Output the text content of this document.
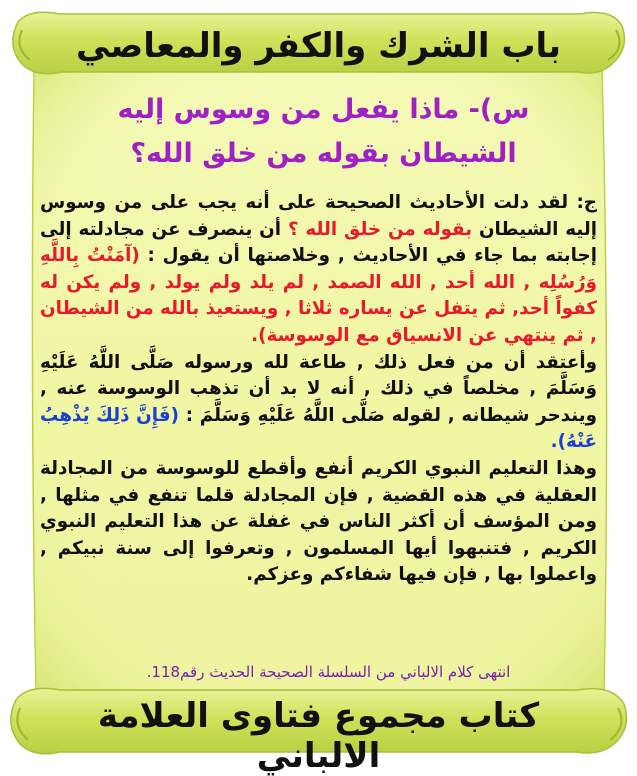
باب الشرك والكفر والمعاصي
س)- ماذا يفعل من وسوس إليه الشيطان بقوله من خلق الله؟

ج: لقد دلت الأحاديث الصحيحة على أنه يجب على من وسوس إليه الشيطان بقوله من خلق الله ؟ أن ينصرف عن مجادلته إلى إجابته بما جاء في الأحاديث , وخلاصتها أن يقول : (آمَنْتُ بِاللَّهِ وَرُسُلِه , الله أحد , الله الصمد , لم يلد ولم يولد , ولم يكن له كفواً أحد, ثم يتفل عن يساره ثلاثا , ويستعيذ بالله من الشيطان , ثم ينتهي عن الانسياق مع الوسوسة).

وأعتقد أن من فعل ذلك , طاعة لله ورسوله صَلَّى اللَّهُ عَلَيْهِ وَسَلَّمَ , مخلصاً في ذلك , أنه لا بد أن تذهب الوسوسة عنه , ويندحر شيطانه , لقوله صَلَّى اللَّهُ عَلَيْهِ وَسَلَّمَ : (فَإِنَّ ذَلِكَ يُذْهِبُ عَنْهُ).

وهذا التعليم النبوي الكريم أنفع وأقطع للوسوسة من المجادلة العقلية في هذه القضية , فإن المجادلة قلما تنفع في مثلها , ومن المؤسف أن أكثر الناس في غفلة عن هذا التعليم النبوي الكريم , فتنبهوا أيها المسلمون , وتعرفوا إلى سنة نبيكم , واعملوا بها , فإن فيها شفاءكم وعزكم.

انتهى كلام الالباني من السلسلة الصحيحة الحديث رقم118.
كتاب مجموع فتاوى العلامة الالباني
